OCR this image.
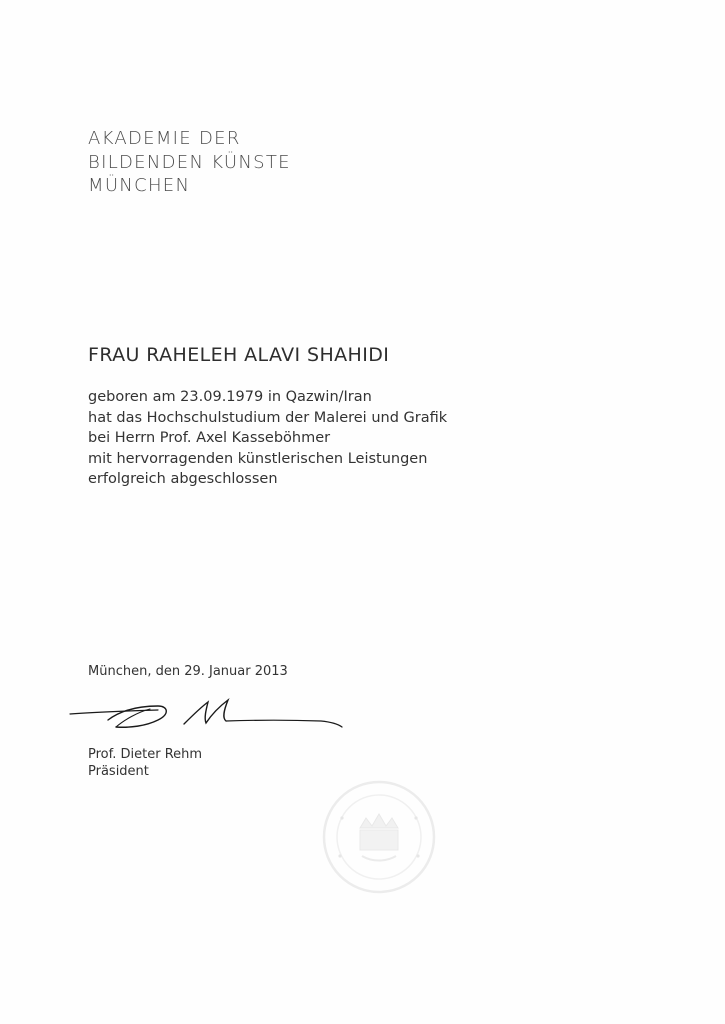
AKADEMIE DER
BILDENDEN KÜNSTE
MÜNCHEN
FRAU RAHELEH ALAVI SHAHIDI
geboren am 23.09.1979 in Qazwin/Iran
hat das Hochschulstudium der Malerei und Grafik
bei Herrn Prof. Axel Kasseböhmer
mit hervorragenden künstlerischen Leistungen
erfolgreich abgeschlossen
München, den 29. Januar 2013
Prof. Dieter Rehm
Präsident
